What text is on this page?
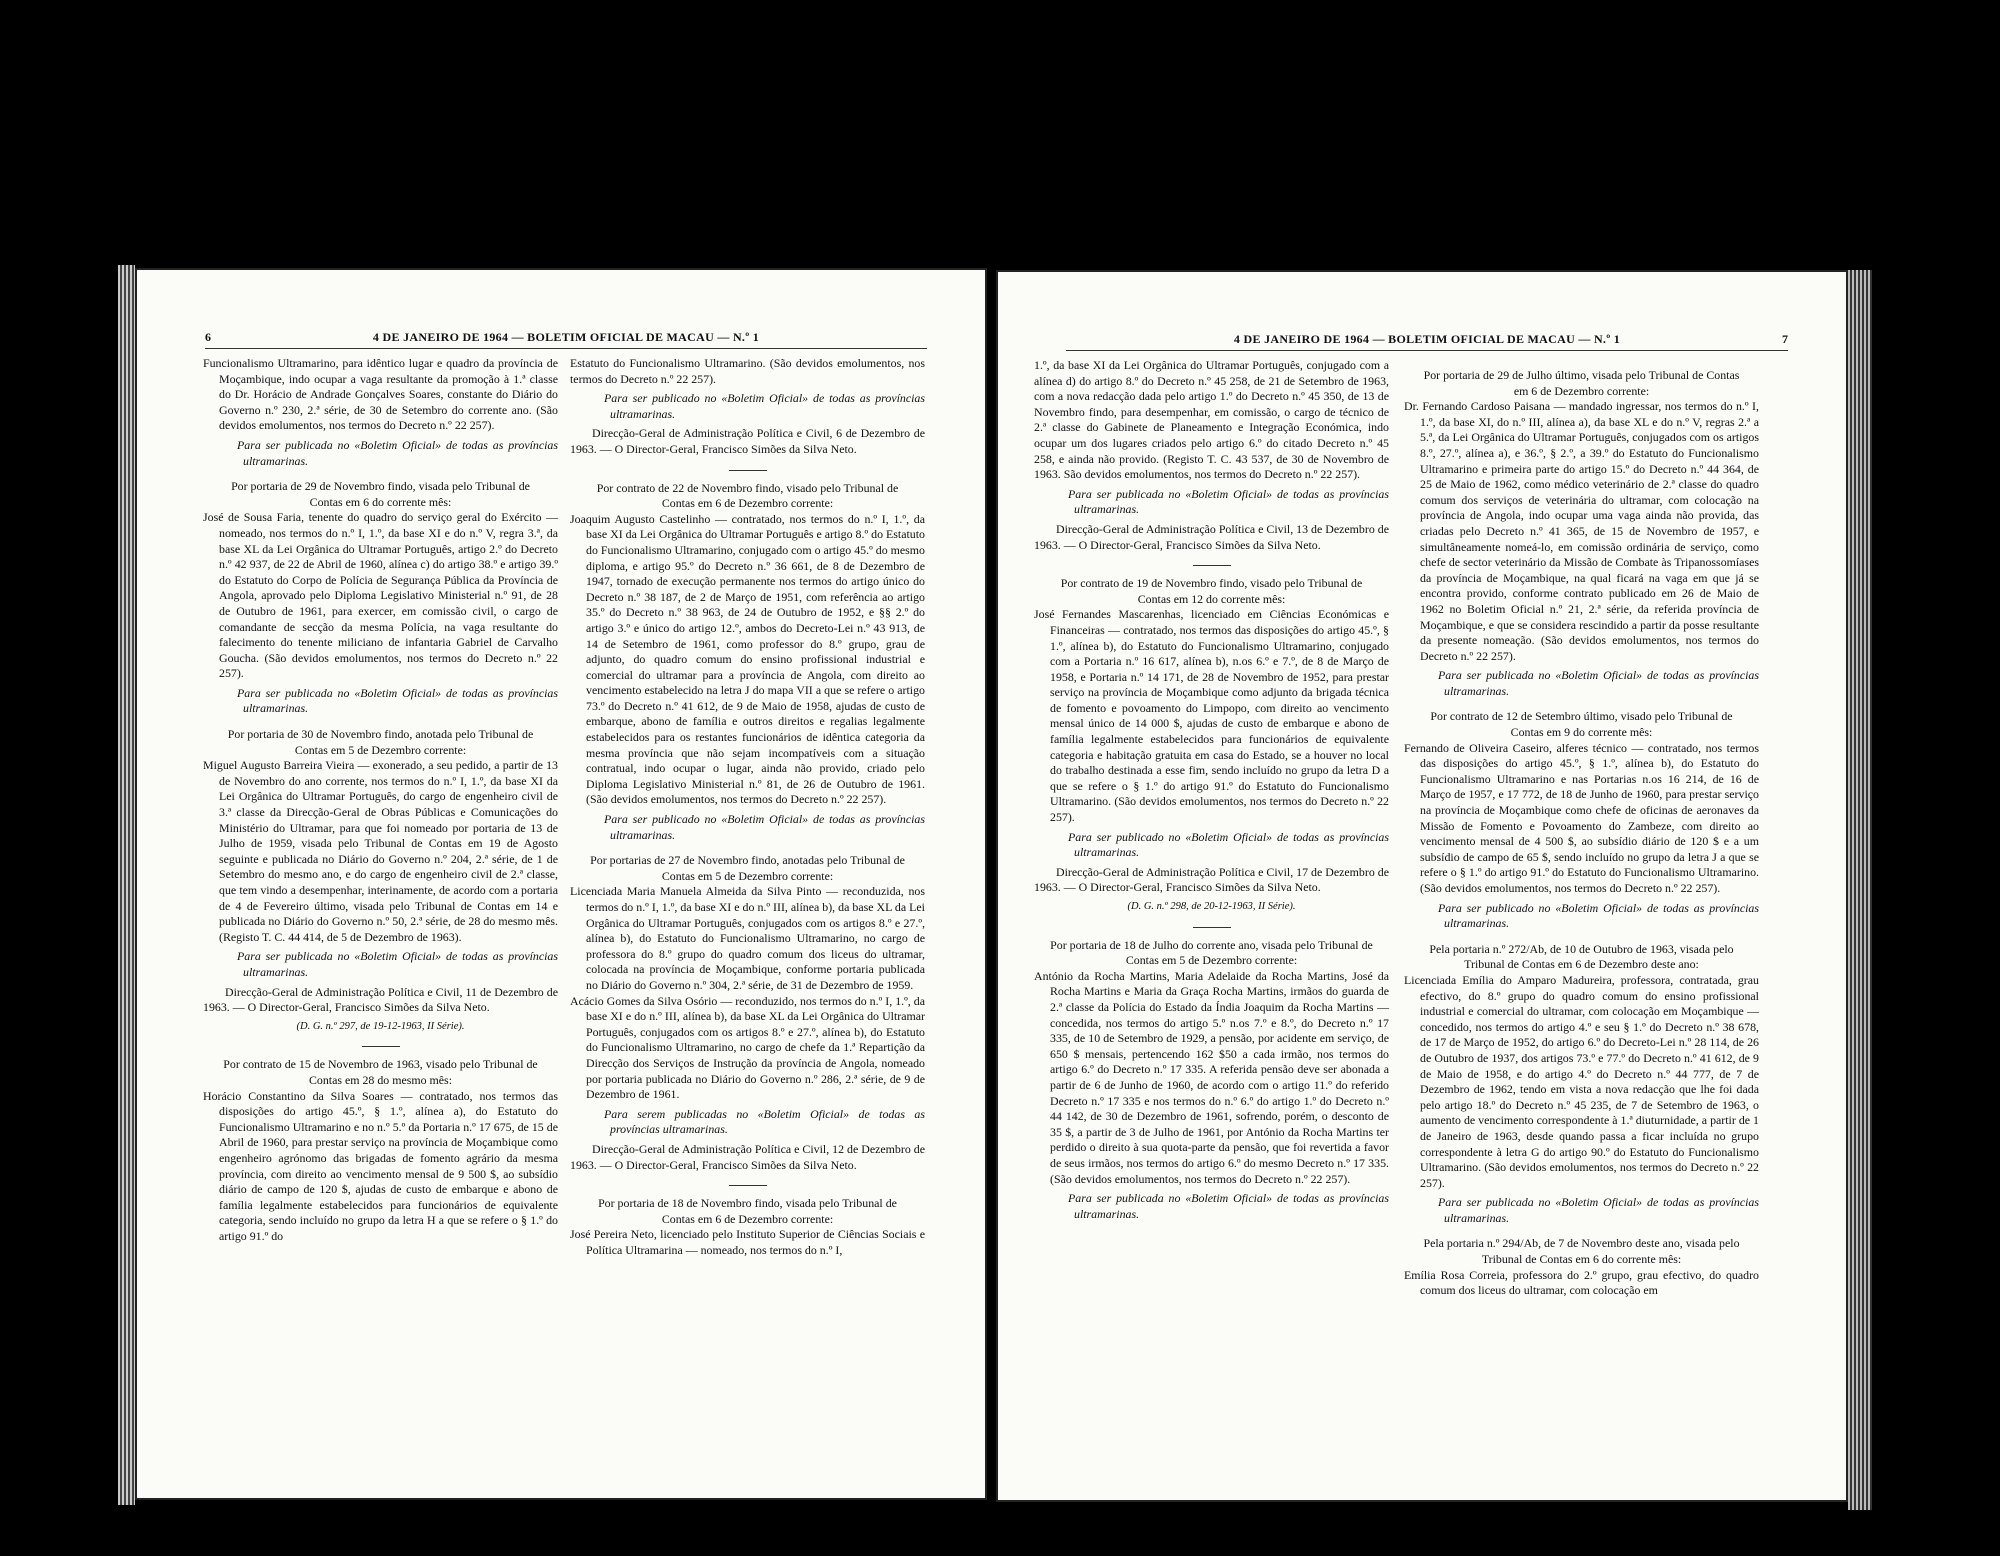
6	4 DE JANEIRO DE 1964 — BOLETIM OFICIAL DE MACAU — N.º 1

Funcionalismo Ultramarino, para idêntico lugar e quadro da província de Moçambique, indo ocupar a vaga resultante da promoção à 1.ª classe do Dr. Horácio de Andrade Gonçalves Soares, constante do Diário do Governo n.º 230, 2.ª série, de 30 de Setembro do corrente ano. (São devidos emolumentos, nos termos do Decreto n.º 22 257).

Para ser publicada no «Boletim Oficial» de todas as províncias ultramarinas.

Por portaria de 29 de Novembro findo, visada pelo Tribunal de Contas em 6 do corrente mês:

José de Sousa Faria, tenente do quadro do serviço geral do Exército — nomeado, nos termos do n.º I, 1.º, da base XI e do n.º V, regra 3.ª, da base XL da Lei Orgânica do Ultramar Português, artigo 2.º do Decreto n.º 42 937, de 22 de Abril de 1960, alínea c) do artigo 38.º e artigo 39.º do Estatuto do Corpo de Polícia de Segurança Pública da Província de Angola, aprovado pelo Diploma Legislativo Ministerial n.º 91, de 28 de Outubro de 1961, para exercer, em comissão civil, o cargo de comandante de secção da mesma Polícia, na vaga resultante do falecimento do tenente miliciano de infantaria Gabriel de Carvalho Goucha. (São devidos emolumentos, nos termos do Decreto n.º 22 257).

Para ser publicada no «Boletim Oficial» de todas as províncias ultramarinas.

Por portaria de 30 de Novembro findo, anotada pelo Tribunal de Contas em 5 de Dezembro corrente:

Miguel Augusto Barreira Vieira — exonerado, a seu pedido, a partir de 13 de Novembro do ano corrente, nos termos do n.º I, 1.º, da base XI da Lei Orgânica do Ultramar Português, do cargo de engenheiro civil de 3.ª classe da Direcção-Geral de Obras Públicas e Comunicações do Ministério do Ultramar, para que foi nomeado por portaria de 13 de Julho de 1959, visada pelo Tribunal de Contas em 19 de Agosto seguinte e publicada no Diário do Governo n.º 204, 2.ª série, de 1 de Setembro do mesmo ano, e do cargo de engenheiro civil de 2.ª classe, que tem vindo a desempenhar, interinamente, de acordo com a portaria de 4 de Fevereiro último, visada pelo Tribunal de Contas em 14 e publicada no Diário do Governo n.º 50, 2.ª série, de 28 do mesmo mês. (Registo T. C. 44 414, de 5 de Dezembro de 1963).

Para ser publicada no «Boletim Oficial» de todas as províncias ultramarinas.

Direcção-Geral de Administração Política e Civil, 11 de Dezembro de 1963. — O Director-Geral, Francisco Simões da Silva Neto.

(D. G. n.º 297, de 19-12-1963, II Série).

Por contrato de 15 de Novembro de 1963, visado pelo Tribunal de Contas em 28 do mesmo mês:

Horácio Constantino da Silva Soares — contratado, nos termos das disposições do artigo 45.º, § 1.º, alínea a), do Estatuto do Funcionalismo Ultramarino e no n.º 5.º da Portaria n.º 17 675, de 15 de Abril de 1960, para prestar serviço na província de Moçambique como engenheiro agrónomo das brigadas de fomento agrário da mesma província, com direito ao vencimento mensal de 9 500 $, ao subsídio diário de campo de 120 $, ajudas de custo de embarque e abono de família legalmente estabelecidos para funcionários de equivalente categoria, sendo incluído no grupo da letra H a que se refere o § 1.º do artigo 91.º do

Estatuto do Funcionalismo Ultramarino. (São devidos emolumentos, nos termos do Decreto n.º 22 257).

Para ser publicado no «Boletim Oficial» de todas as províncias ultramarinas.

Direcção-Geral de Administração Política e Civil, 6 de Dezembro de 1963. — O Director-Geral, Francisco Simões da Silva Neto.

Por contrato de 22 de Novembro findo, visado pelo Tribunal de Contas em 6 de Dezembro corrente:

Joaquim Augusto Castelinho — contratado, nos termos do n.º I, 1.º, da base XI da Lei Orgânica do Ultramar Português e artigo 8.º do Estatuto do Funcionalismo Ultramarino, conjugado com o artigo 45.º do mesmo diploma, e artigo 95.º do Decreto n.º 36 661, de 8 de Dezembro de 1947, tornado de execução permanente nos termos do artigo único do Decreto n.º 38 187, de 2 de Março de 1951, com referência ao artigo 35.º do Decreto n.º 38 963, de 24 de Outubro de 1952, e §§ 2.º do artigo 3.º e único do artigo 12.º, ambos do Decreto-Lei n.º 43 913, de 14 de Setembro de 1961, como professor do 8.º grupo, grau de adjunto, do quadro comum do ensino profissional industrial e comercial do ultramar para a província de Angola, com direito ao vencimento estabelecido na letra J do mapa VII a que se refere o artigo 73.º do Decreto n.º 41 612, de 9 de Maio de 1958, ajudas de custo de embarque, abono de família e outros direitos e regalias legalmente estabelecidos para os restantes funcionários de idêntica categoria da mesma província que não sejam incompatíveis com a situação contratual, indo ocupar o lugar, ainda não provido, criado pelo Diploma Legislativo Ministerial n.º 81, de 26 de Outubro de 1961. (São devidos emolumentos, nos termos do Decreto n.º 22 257).

Para ser publicado no «Boletim Oficial» de todas as províncias ultramarinas.

Por portarias de 27 de Novembro findo, anotadas pelo Tribunal de Contas em 5 de Dezembro corrente:

Licenciada Maria Manuela Almeida da Silva Pinto — reconduzida, nos termos do n.º I, 1.º, da base XI e do n.º III, alínea b), da base XL da Lei Orgânica do Ultramar Português, conjugados com os artigos 8.º e 27.º, alínea b), do Estatuto do Funcionalismo Ultramarino, no cargo de professora do 8.º grupo do quadro comum dos liceus do ultramar, colocada na província de Moçambique, conforme portaria publicada no Diário do Governo n.º 304, 2.ª série, de 31 de Dezembro de 1959.

Acácio Gomes da Silva Osório — reconduzido, nos termos do n.º I, 1.º, da base XI e do n.º III, alínea b), da base XL da Lei Orgânica do Ultramar Português, conjugados com os artigos 8.º e 27.º, alínea b), do Estatuto do Funcionalismo Ultramarino, no cargo de chefe da 1.ª Repartição da Direcção dos Serviços de Instrução da província de Angola, nomeado por portaria publicada no Diário do Governo n.º 286, 2.ª série, de 9 de Dezembro de 1961.

Para serem publicadas no «Boletim Oficial» de todas as províncias ultramarinas.

Direcção-Geral de Administração Política e Civil, 12 de Dezembro de 1963. — O Director-Geral, Francisco Simões da Silva Neto.

Por portaria de 18 de Novembro findo, visada pelo Tribunal de Contas em 6 de Dezembro corrente:

José Pereira Neto, licenciado pelo Instituto Superior de Ciências Sociais e Política Ultramarina — nomeado, nos termos do n.º I,

4 DE JANEIRO DE 1964 — BOLETIM OFICIAL DE MACAU — N.º 1	7

1.º, da base XI da Lei Orgânica do Ultramar Português, conjugado com a alínea d) do artigo 8.º do Decreto n.º 45 258, de 21 de Setembro de 1963, com a nova redacção dada pelo artigo 1.º do Decreto n.º 45 350, de 13 de Novembro findo, para desempenhar, em comissão, o cargo de técnico de 2.ª classe do Gabinete de Planeamento e Integração Económica, indo ocupar um dos lugares criados pelo artigo 6.º do citado Decreto n.º 45 258, e ainda não provido. (Registo T. C. 43 537, de 30 de Novembro de 1963. São devidos emolumentos, nos termos do Decreto n.º 22 257).

Para ser publicada no «Boletim Oficial» de todas as províncias ultramarinas.

Direcção-Geral de Administração Política e Civil, 13 de Dezembro de 1963. — O Director-Geral, Francisco Simões da Silva Neto.

Por contrato de 19 de Novembro findo, visado pelo Tribunal de Contas em 12 do corrente mês:

José Fernandes Mascarenhas, licenciado em Ciências Económicas e Financeiras — contratado, nos termos das disposições do artigo 45.º, § 1.º, alínea b), do Estatuto do Funcionalismo Ultramarino, conjugado com a Portaria n.º 16 617, alínea b), n.os 6.º e 7.º, de 8 de Março de 1958, e Portaria n.º 14 171, de 28 de Novembro de 1952, para prestar serviço na província de Moçambique como adjunto da brigada técnica de fomento e povoamento do Limpopo, com direito ao vencimento mensal único de 14 000 $, ajudas de custo de embarque e abono de família legalmente estabelecidos para funcionários de equivalente categoria e habitação gratuita em casa do Estado, se a houver no local do trabalho destinada a esse fim, sendo incluído no grupo da letra D a que se refere o § 1.º do artigo 91.º do Estatuto do Funcionalismo Ultramarino. (São devidos emolumentos, nos termos do Decreto n.º 22 257).

Para ser publicado no «Boletim Oficial» de todas as províncias ultramarinas.

Direcção-Geral de Administração Política e Civil, 17 de Dezembro de 1963. — O Director-Geral, Francisco Simões da Silva Neto.

(D. G. n.º 298, de 20-12-1963, II Série).

Por portaria de 18 de Julho do corrente ano, visada pelo Tribunal de Contas em 5 de Dezembro corrente:

António da Rocha Martins, Maria Adelaide da Rocha Martins, José da Rocha Martins e Maria da Graça Rocha Martins, irmãos do guarda de 2.ª classe da Polícia do Estado da Índia Joaquim da Rocha Martins — concedida, nos termos do artigo 5.º n.os 7.º e 8.º, do Decreto n.º 17 335, de 10 de Setembro de 1929, a pensão, por acidente em serviço, de 650 $ mensais, pertencendo 162 $50 a cada irmão, nos termos do artigo 6.º do Decreto n.º 17 335. A referida pensão deve ser abonada a partir de 6 de Junho de 1960, de acordo com o artigo 11.º do referido Decreto n.º 17 335 e nos termos do n.º 6.º do artigo 1.º do Decreto n.º 44 142, de 30 de Dezembro de 1961, sofrendo, porém, o desconto de 35 $, a partir de 3 de Julho de 1961, por António da Rocha Martins ter perdido o direito à sua quota-parte da pensão, que foi revertida a favor de seus irmãos, nos termos do artigo 6.º do mesmo Decreto n.º 17 335. (São devidos emolumentos, nos termos do Decreto n.º 22 257).

Para ser publicada no «Boletim Oficial» de todas as províncias ultramarinas.

Por portaria de 29 de Julho último, visada pelo Tribunal de Contas em 6 de Dezembro corrente:

Dr. Fernando Cardoso Paisana — mandado ingressar, nos termos do n.º I, 1.º, da base XI, do n.º III, alínea a), da base XL e do n.º V, regras 2.ª a 5.ª, da Lei Orgânica do Ultramar Português, conjugados com os artigos 8.º, 27.º, alínea a), e 36.º, § 2.º, a 39.º do Estatuto do Funcionalismo Ultramarino e primeira parte do artigo 15.º do Decreto n.º 44 364, de 25 de Maio de 1962, como médico veterinário de 2.ª classe do quadro comum dos serviços de veterinária do ultramar, com colocação na província de Angola, indo ocupar uma vaga ainda não provida, das criadas pelo Decreto n.º 41 365, de 15 de Novembro de 1957, e simultâneamente nomeá-lo, em comissão ordinária de serviço, como chefe de sector veterinário da Missão de Combate às Tripanossomíases da província de Moçambique, na qual ficará na vaga em que já se encontra provido, conforme contrato publicado em 26 de Maio de 1962 no Boletim Oficial n.º 21, 2.ª série, da referida província de Moçambique, e que se considera rescindido a partir da posse resultante da presente nomeação. (São devidos emolumentos, nos termos do Decreto n.º 22 257).

Para ser publicada no «Boletim Oficial» de todas as províncias ultramarinas.

Por contrato de 12 de Setembro último, visado pelo Tribunal de Contas em 9 do corrente mês:

Fernando de Oliveira Caseiro, alferes técnico — contratado, nos termos das disposições do artigo 45.º, § 1.º, alínea b), do Estatuto do Funcionalismo Ultramarino e nas Portarias n.os 16 214, de 16 de Março de 1957, e 17 772, de 18 de Junho de 1960, para prestar serviço na província de Moçambique como chefe de oficinas de aeronaves da Missão de Fomento e Povoamento do Zambeze, com direito ao vencimento mensal de 4 500 $, ao subsídio diário de 120 $ e a um subsídio de campo de 65 $, sendo incluído no grupo da letra J a que se refere o § 1.º do artigo 91.º do Estatuto do Funcionalismo Ultramarino. (São devidos emolumentos, nos termos do Decreto n.º 22 257).

Para ser publicado no «Boletim Oficial» de todas as províncias ultramarinas.

Pela portaria n.º 272/Ab, de 10 de Outubro de 1963, visada pelo Tribunal de Contas em 6 de Dezembro deste ano:

Licenciada Emília do Amparo Madureira, professora, contratada, grau efectivo, do 8.º grupo do quadro comum do ensino profissional industrial e comercial do ultramar, com colocação em Moçambique — concedido, nos termos do artigo 4.º e seu § 1.º do Decreto n.º 38 678, de 17 de Março de 1952, do artigo 6.º do Decreto-Lei n.º 28 114, de 26 de Outubro de 1937, dos artigos 73.º e 77.º do Decreto n.º 41 612, de 9 de Maio de 1958, e do artigo 4.º do Decreto n.º 44 777, de 7 de Dezembro de 1962, tendo em vista a nova redacção que lhe foi dada pelo artigo 18.º do Decreto n.º 45 235, de 7 de Setembro de 1963, o aumento de vencimento correspondente à 1.ª diuturnidade, a partir de 1 de Janeiro de 1963, desde quando passa a ficar incluída no grupo correspondente à letra G do artigo 90.º do Estatuto do Funcionalismo Ultramarino. (São devidos emolumentos, nos termos do Decreto n.º 22 257).

Para ser publicada no «Boletim Oficial» de todas as províncias ultramarinas.

Pela portaria n.º 294/Ab, de 7 de Novembro deste ano, visada pelo Tribunal de Contas em 6 do corrente mês:

Emília Rosa Correia, professora do 2.º grupo, grau efectivo, do quadro comum dos liceus do ultramar, com colocação em
